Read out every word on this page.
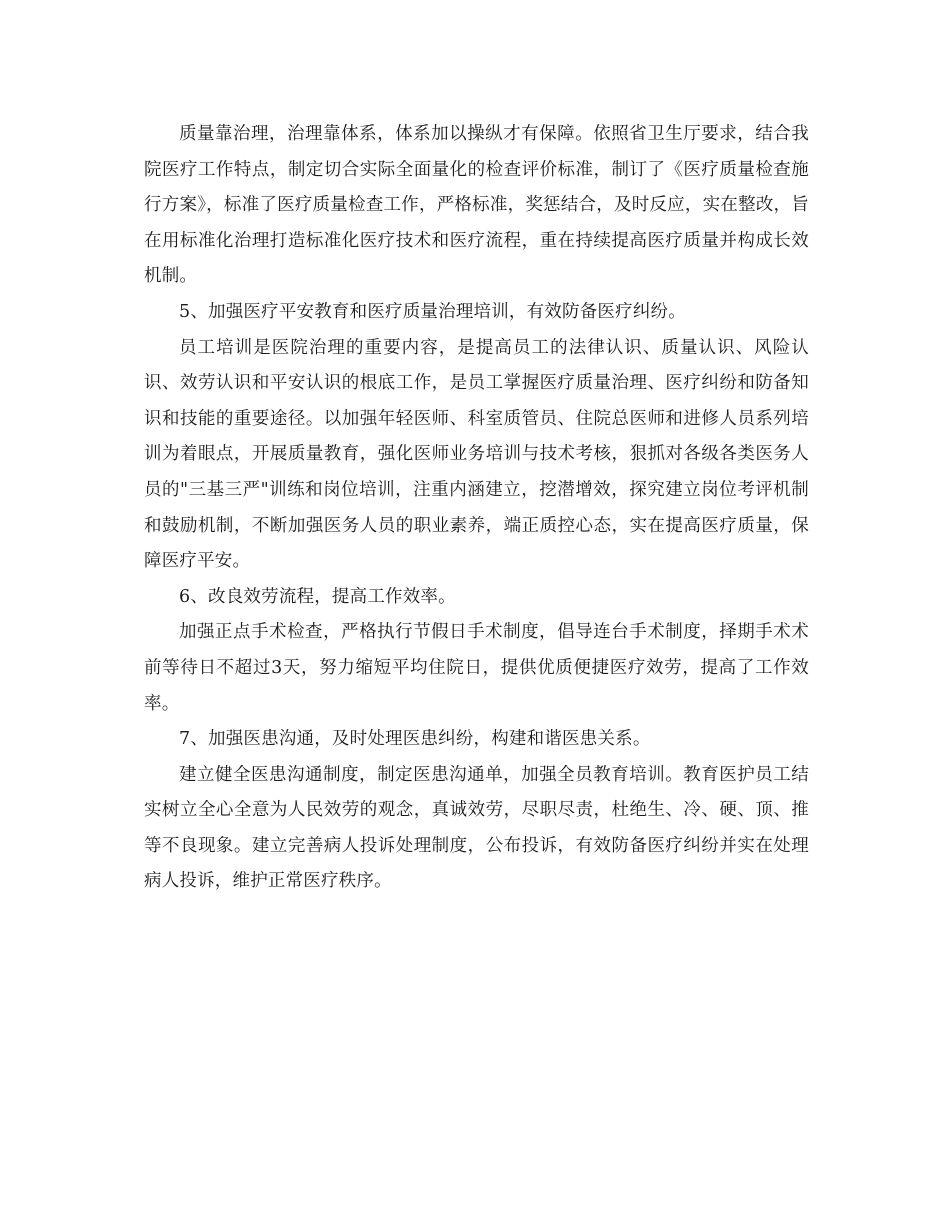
质量靠治理，治理靠体系，体系加以操纵才有保障。依照省卫生厅要求，结合我院医疗工作特点，制定切合实际全面量化的检查评价标准，制订了《医疗质量检查施行方案》，标准了医疗质量检查工作，严格标准，奖惩结合，及时反应，实在整改，旨在用标准化治理打造标准化医疗技术和医疗流程，重在持续提高医疗质量并构成长效机制。

5、加强医疗平安教育和医疗质量治理培训，有效防备医疗纠纷。

员工培训是医院治理的重要内容，是提高员工的法律认识、质量认识、风险认识、效劳认识和平安认识的根底工作，是员工掌握医疗质量治理、医疗纠纷和防备知识和技能的重要途径。以加强年轻医师、科室质管员、住院总医师和进修人员系列培训为着眼点，开展质量教育，强化医师业务培训与技术考核，狠抓对各级各类医务人员的"三基三严"训练和岗位培训，注重内涵建立，挖潜增效，探究建立岗位考评机制和鼓励机制，不断加强医务人员的职业素养，端正质控心态，实在提高医疗质量，保障医疗平安。

6、改良效劳流程，提高工作效率。

加强正点手术检查，严格执行节假日手术制度，倡导连台手术制度，择期手术术前等待日不超过3天，努力缩短平均住院日，提供优质便捷医疗效劳，提高了工作效率。

7、加强医患沟通，及时处理医患纠纷，构建和谐医患关系。

建立健全医患沟通制度，制定医患沟通单，加强全员教育培训。教育医护员工结实树立全心全意为人民效劳的观念，真诚效劳，尽职尽责，杜绝生、冷、硬、顶、推等不良现象。建立完善病人投诉处理制度，公布投诉，有效防备医疗纠纷并实在处理病人投诉，维护正常医疗秩序。
